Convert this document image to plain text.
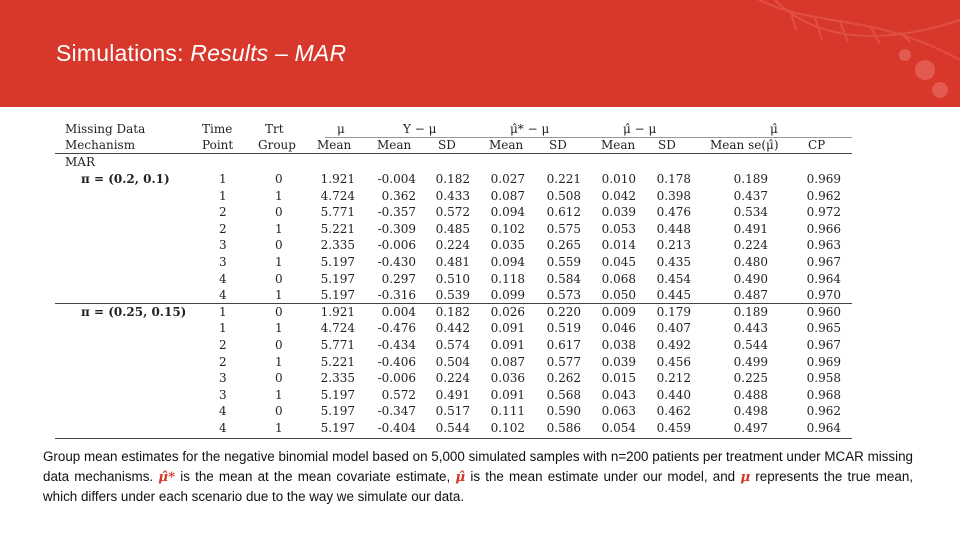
Simulations: Results – MAR
Missing Data	Time	Trt	μ	Y − μ	μ̂* − μ	μ̂ − μ	μ̂
Mechanism	Point Group Mean Mean SD	Mean SD	Mean SD	Mean se(μ̂) CP
MAR
π = (0.2, 0.1)	1	0	1.921 -0.004 0.182 0.027 0.221 0.010 0.178	0.189	0.969
1	1	4.724 0.362 0.433 0.087 0.508 0.042 0.398	0.437	0.962
2	0	5.771 -0.357 0.572 0.094 0.612 0.039 0.476	0.534	0.972
2	1	5.221 -0.309 0.485 0.102 0.575 0.053 0.448	0.491	0.966
3	0	2.335 -0.006 0.224 0.035 0.265 0.014 0.213	0.224	0.963
3	1	5.197 -0.430 0.481 0.094 0.559 0.045 0.435	0.480	0.967
4	0	5.197 0.297 0.510 0.118 0.584 0.068 0.454	0.490	0.964
4	1	5.197 -0.316 0.539 0.099 0.573 0.050 0.445	0.487	0.970
π = (0.25, 0.15)	1	0	1.921 0.004 0.182 0.026 0.220 0.009 0.179	0.189	0.960
1	1	4.724 -0.476 0.442 0.091 0.519 0.046 0.407	0.443	0.965
2	0	5.771 -0.434 0.574 0.091 0.617 0.038 0.492	0.544	0.967
2	1	5.221 -0.406 0.504 0.087 0.577 0.039 0.456	0.499	0.969
3	0	2.335 -0.006 0.224 0.036 0.262 0.015 0.212	0.225	0.958
3	1	5.197 0.572 0.491 0.091 0.568 0.043 0.440	0.488	0.968
4	0	5.197 -0.347 0.517 0.111 0.590 0.063 0.462	0.498	0.962
4	1	5.197 -0.404 0.544 0.102 0.586 0.054 0.459	0.497	0.964
Group mean estimates for the negative binomial model based on 5,000 simulated samples with n=200 patients per treatment under MCAR missing data mechanisms. μ̂* is the mean at the mean covariate estimate, μ̂ is the mean estimate under our model, and μ represents the true mean, which differs under each scenario due to the way we simulate our data.
